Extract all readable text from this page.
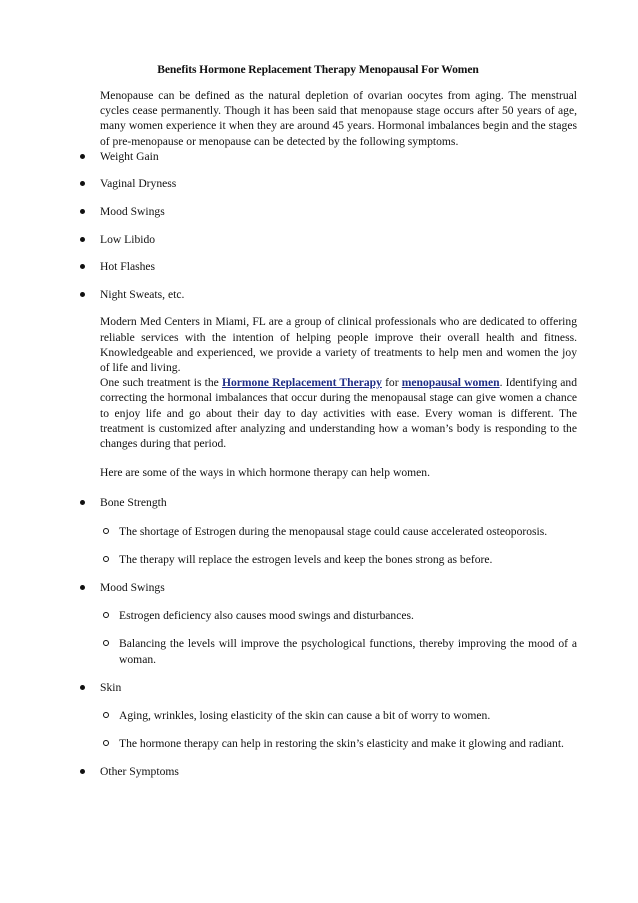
Benefits Hormone Replacement Therapy Menopausal For Women

Menopause can be defined as the natural depletion of ovarian oocytes from aging. The menstrual cycles cease permanently. Though it has been said that menopause stage occurs after 50 years of age, many women experience it when they are around 45 years. Hormonal imbalances begin and the stages of pre-menopause or menopause can be detected by the following symptoms.

Weight Gain
Vaginal Dryness
Mood Swings
Low Libido
Hot Flashes
Night Sweats, etc.

Modern Med Centers in Miami, FL are a group of clinical professionals who are dedicated to offering reliable services with the intention of helping people improve their overall health and fitness. Knowledgeable and experienced, we provide a variety of treatments to help men and women the joy of life and living.

One such treatment is the Hormone Replacement Therapy for menopausal women. Identifying and correcting the hormonal imbalances that occur during the menopausal stage can give women a chance to enjoy life and go about their day to day activities with ease. Every woman is different. The treatment is customized after analyzing and understanding how a woman’s body is responding to the changes during that period.

Here are some of the ways in which hormone therapy can help women.

Bone Strength
The shortage of Estrogen during the menopausal stage could cause accelerated osteoporosis.
The therapy will replace the estrogen levels and keep the bones strong as before.
Mood Swings
Estrogen deficiency also causes mood swings and disturbances.
Balancing the levels will improve the psychological functions, thereby improving the mood of a woman.
Skin
Aging, wrinkles, losing elasticity of the skin can cause a bit of worry to women.
The hormone therapy can help in restoring the skin’s elasticity and make it glowing and radiant.
Other Symptoms
